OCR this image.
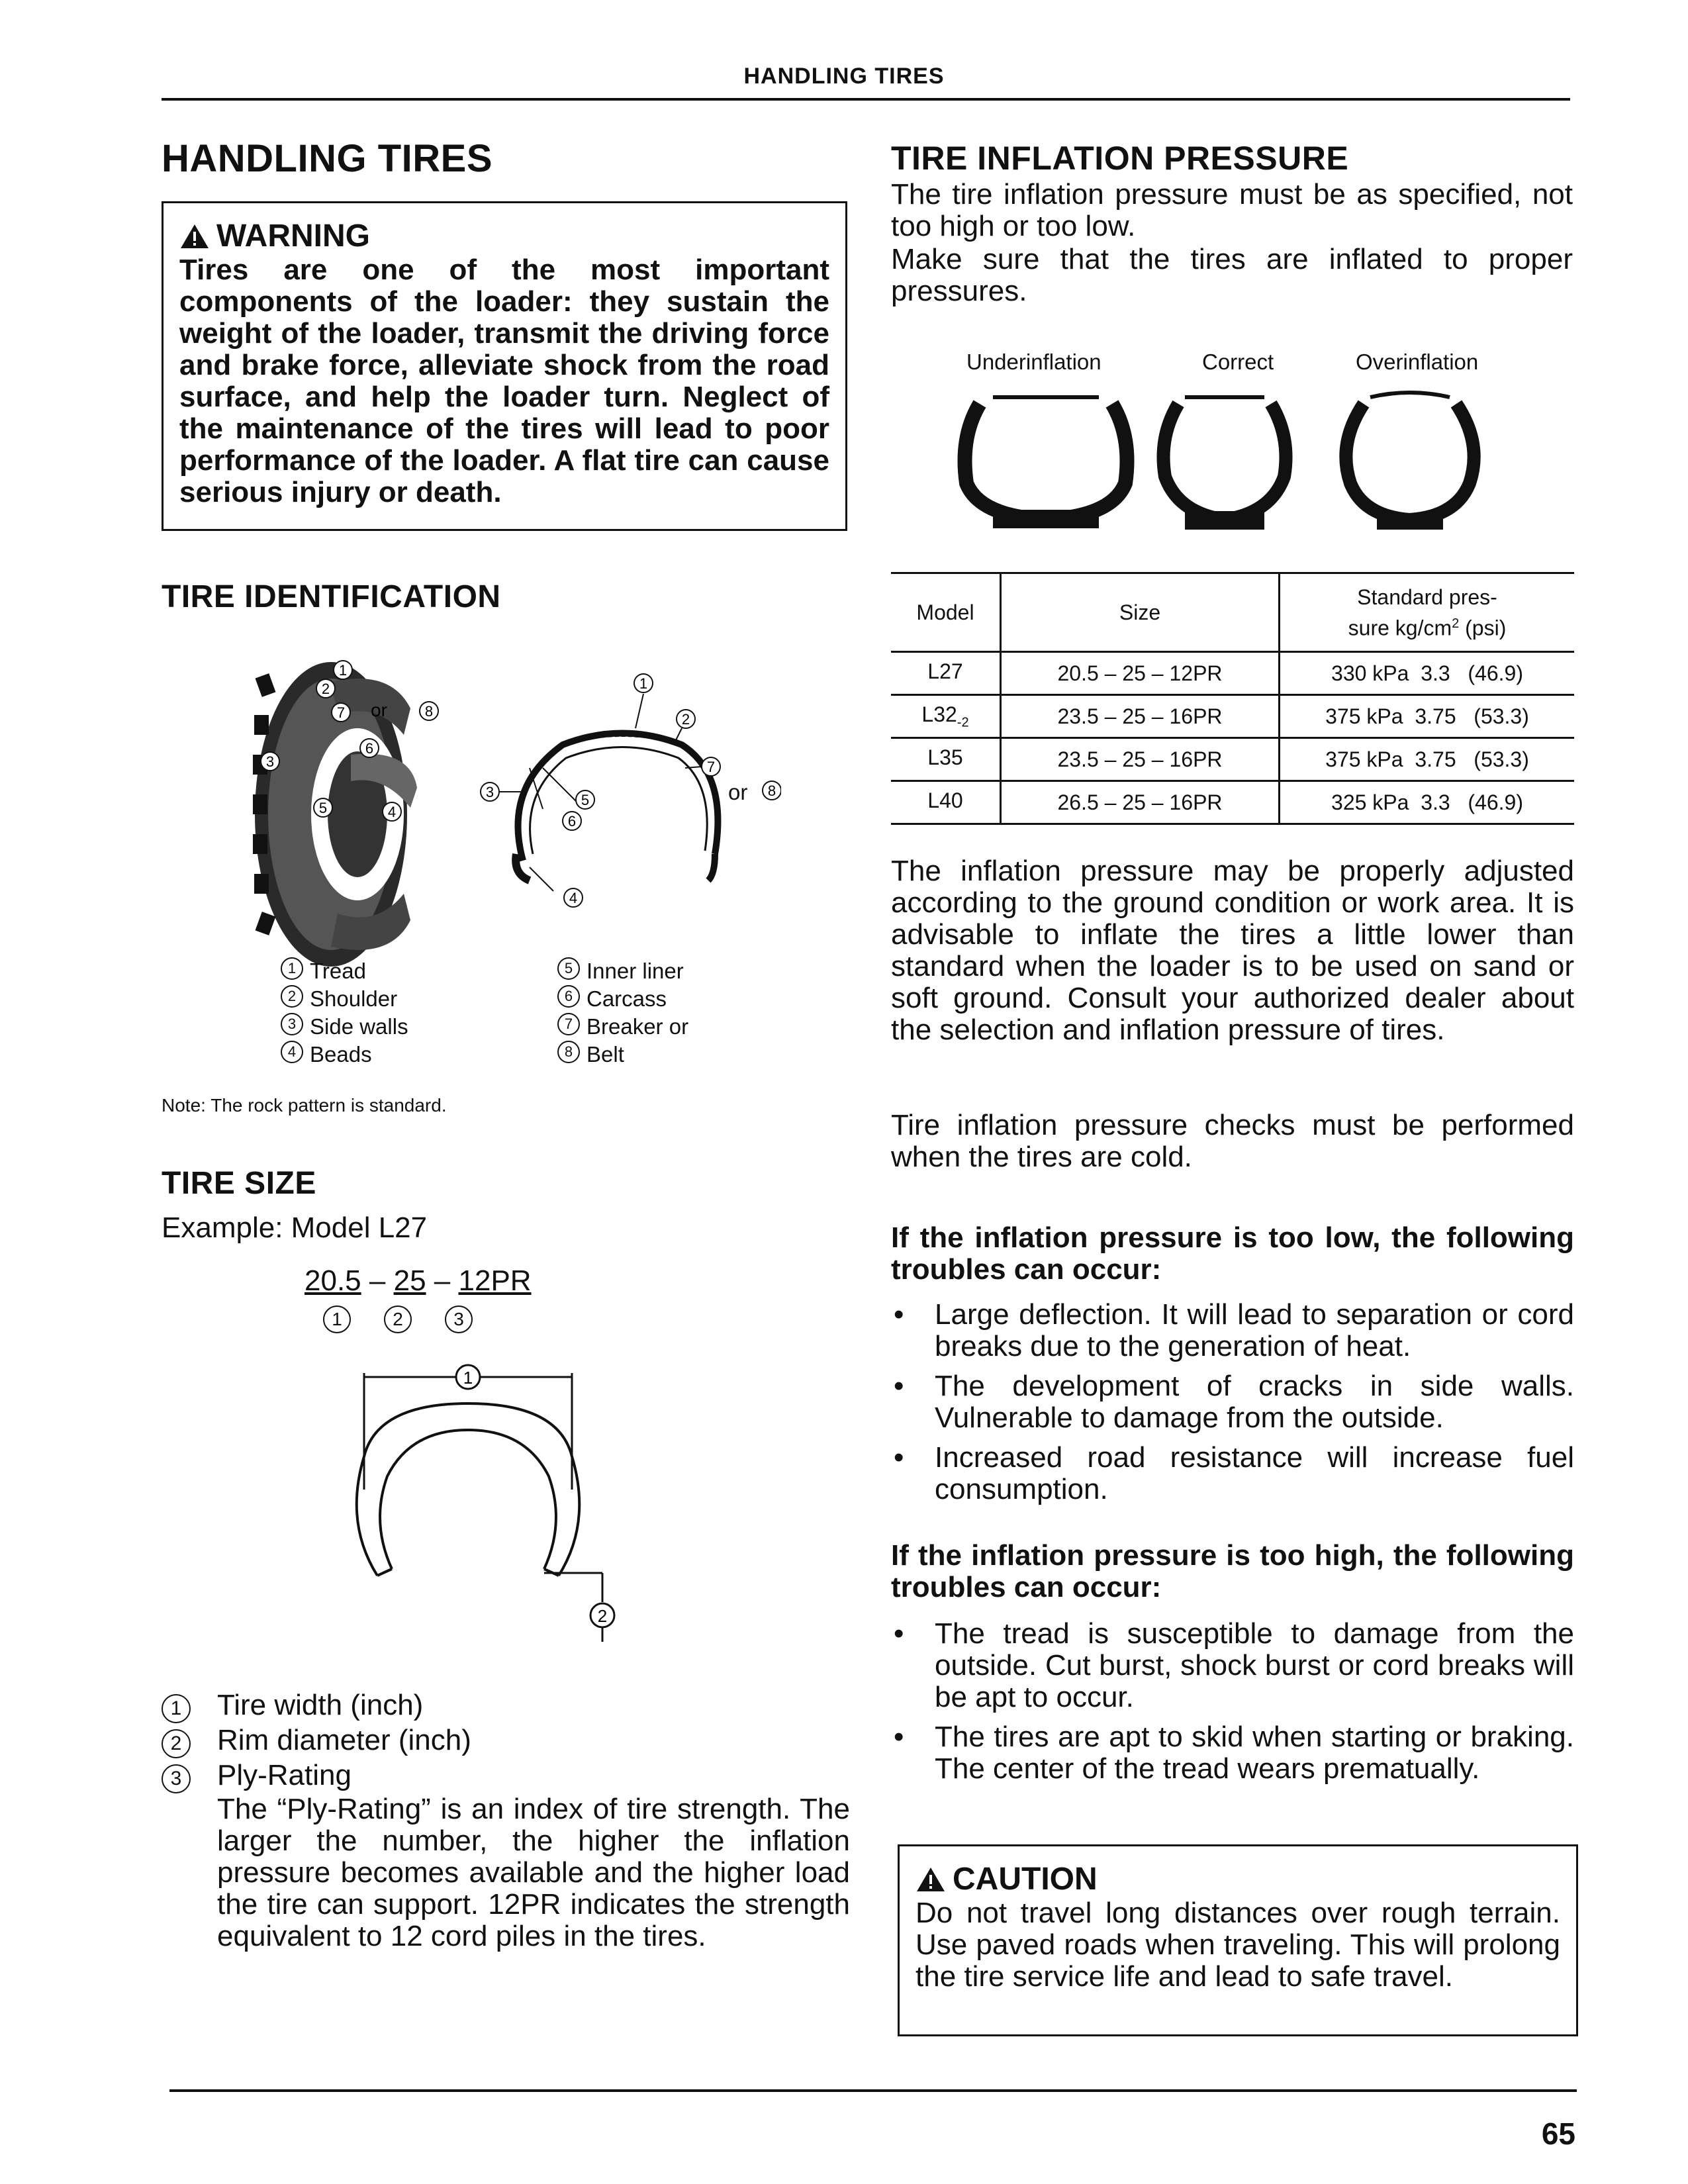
HANDLING TIRES
HANDLING TIRES
WARNING
Tires are one of the most important components of the loader: they sustain the weight of the loader, transmit the driving force and brake force, alleviate shock from the road surface, and help the loader turn. Neglect of the maintenance of the tires will lead to poor performance of the loader. A flat tire can cause serious injury or death.
TIRE IDENTIFICATION
1
2
7 or	8
6
3
5	4
1
2
7
3	5
6
4
8
or
1 Tread
2 Shoulder
3 Side walls
4 Beads
5 Inner liner
6 Carcass
7 Breaker or
8 Belt
Note: The rock pattern is standard.
TIRE SIZE
Example: Model L27
20.5 – 25 – 12PR
1	2	3
1
2
1	Tire width (inch)
2	Rim diameter (inch)
3	Ply-Rating
The “Ply-Rating” is an index of tire strength. The larger the number, the higher the inflation pressure becomes available and the higher load the tire can support. 12PR indicates the strength equivalent to 12 cord piles in the tires.
TIRE INFLATION PRESSURE
The tire inflation pressure must be as specified, not too high or too low.
Make sure that the tires are inflated to proper pressures.
Underinflation	Correct	Overinflation
Model	Size	Standard pres-
sure $kg/cm^2$ (psi)

L27	20.5 – 25 – 12PR	330 kPa 3.3 (46.9)
$L32_{-2}$	23.5 – 25 – 16PR	375 kPa 3.75 (53.3)
L35	23.5 – 25 – 16PR	375 kPa 3.75 (53.3)
L40	26.5 – 25 – 16PR	325 kPa 3.3 (46.9)
The inflation pressure may be properly adjusted according to the ground condition or work area. It is advisable to inflate the tires a little lower than standard when the loader is to be used on sand or soft ground. Consult your authorized dealer about the selection and inflation pressure of tires.
Tire inflation pressure checks must be performed when the tires are cold.
If the inflation pressure is too low, the following troubles can occur:
•	Large deflection. It will lead to separation or cord breaks due to the generation of heat.
•	The development of cracks in side walls. Vulnerable to damage from the outside.
•	Increased road resistance will increase fuel consumption.
If the inflation pressure is too high, the following troubles can occur:
•	The tread is susceptible to damage from the outside. Cut burst, shock burst or cord breaks will be apt to occur.
•	The tires are apt to skid when starting or braking. The center of the tread wears prematually.
CAUTION
Do not travel long distances over rough terrain. Use paved roads when traveling. This will prolong the tire service life and lead to safe travel.
65
